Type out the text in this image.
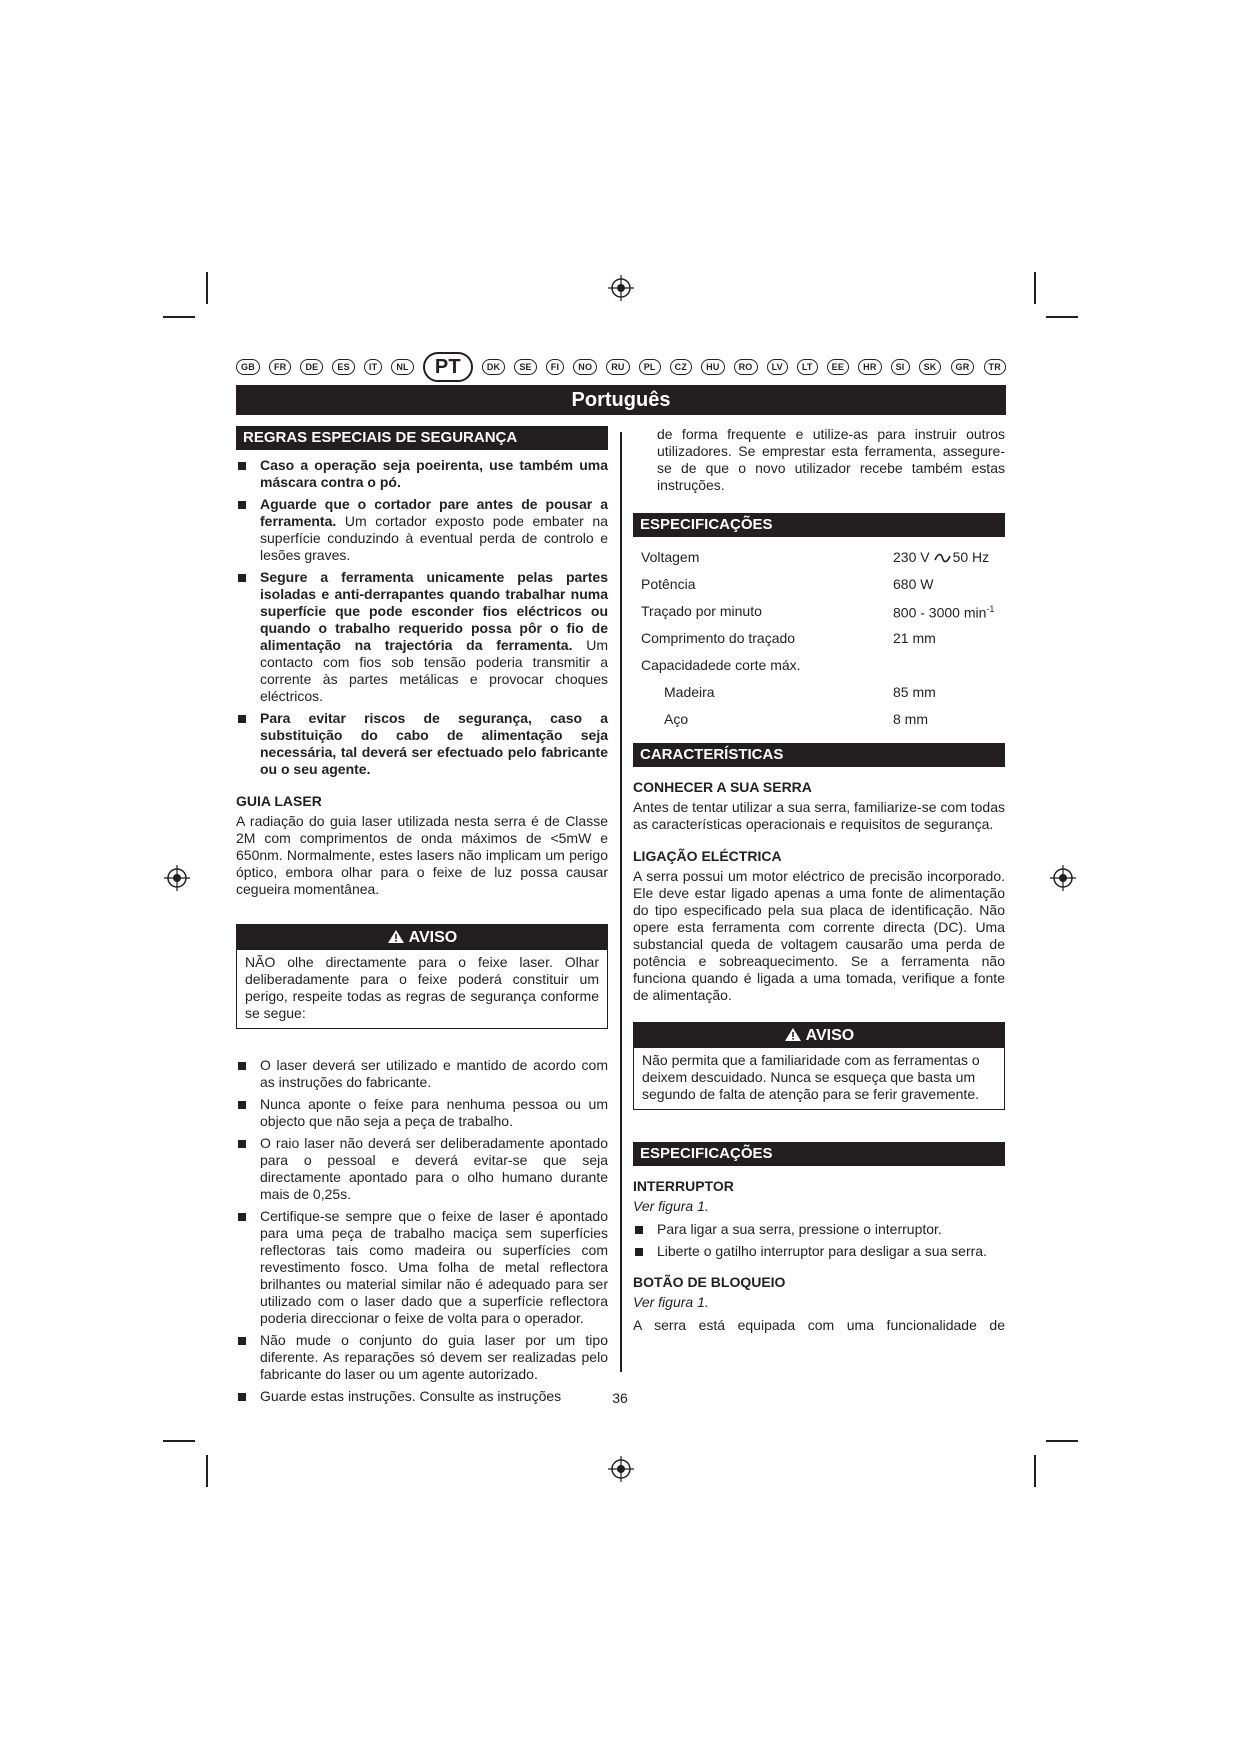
GB	FR	DE	ES	IT	NL	PT	DK	SE	FI	NO	RU	PL	CZ	HU	RO	LV	LT	EE	HR	SI	SK	GR	TR
Português
REGRAS ESPECIAIS DE SEGURANÇA
Caso a operação seja poeirenta, use também uma máscara contra o pó.
Aguarde que o cortador pare antes de pousar a ferramenta. Um cortador exposto pode embater na superfície conduzindo à eventual perda de controlo e lesões graves.
Segure a ferramenta unicamente pelas partes isoladas e anti-derrapantes quando trabalhar numa superfície que pode esconder fios eléctricos ou quando o trabalho requerido possa pôr o fio de alimentação na trajectória da ferramenta. Um contacto com fios sob tensão poderia transmitir a corrente às partes metálicas e provocar choques eléctricos.
Para evitar riscos de segurança, caso a substituição do cabo de alimentação seja necessária, tal deverá ser efectuado pelo fabricante ou o seu agente.
GUIA LASER
A radiação do guia laser utilizada nesta serra é de Classe 2M com comprimentos de onda máximos de <5mW e 650nm. Normalmente, estes lasers não implicam um perigo óptico, embora olhar para o feixe de luz possa causar cegueira momentânea.
AVISO
NÃO olhe directamente para o feixe laser. Olhar deliberadamente para o feixe poderá constituir um perigo, respeite todas as regras de segurança conforme se segue:
O laser deverá ser utilizado e mantido de acordo com as instruções do fabricante.
Nunca aponte o feixe para nenhuma pessoa ou um objecto que não seja a peça de trabalho.
O raio laser não deverá ser deliberadamente apontado para o pessoal e deverá evitar-se que seja directamente apontado para o olho humano durante mais de 0,25s.
Certifique-se sempre que o feixe de laser é apontado para uma peça de trabalho maciça sem superfícies reflectoras tais como madeira ou superfícies com revestimento fosco. Uma folha de metal reflectora brilhantes ou material similar não é adequado para ser utilizado com o laser dado que a superfície reflectora poderia direccionar o feixe de volta para o operador.
Não mude o conjunto do guia laser por um tipo diferente. As reparações só devem ser realizadas pelo fabricante do laser ou um agente autorizado.
Guarde estas instruções. Consulte as instruções
de forma frequente e utilize-as para instruir outros utilizadores. Se emprestar esta ferramenta, assegure-se de que o novo utilizador recebe também estas instruções.
ESPECIFICAÇÕES
Voltagem	230 V 50 Hz
Potência	680 W
Traçado por minuto	800 - 3000 $\min^{-1}$
Comprimento do traçado	21 mm
Capacidadede corte máx.	
Madeira	85 mm
Aço	8 mm
CARACTERÍSTICAS
CONHECER A SUA SERRA
Antes de tentar utilizar a sua serra, familiarize-se com todas as características operacionais e requisitos de segurança.
LIGAÇÃO ELÉCTRICA
A serra possui um motor eléctrico de precisão incorporado. Ele deve estar ligado apenas a uma fonte de alimentação do tipo especificado pela sua placa de identificação. Não opere esta ferramenta com corrente directa (DC). Uma substancial queda de voltagem causarão uma perda de potência e sobreaquecimento. Se a ferramenta não funciona quando é ligada a uma tomada, verifique a fonte de alimentação.
AVISO
Não permita que a familiaridade com as ferramentas o deixem descuidado. Nunca se esqueça que basta um segundo de falta de atenção para se ferir gravemente.
ESPECIFICAÇÕES
INTERRUPTOR
Ver figura 1.
Para ligar a sua serra, pressione o interruptor.
Liberte o gatilho interruptor para desligar a sua serra.
BOTÃO DE BLOQUEIO
Ver figura 1.
A serra está equipada com uma funcionalidade de
36
